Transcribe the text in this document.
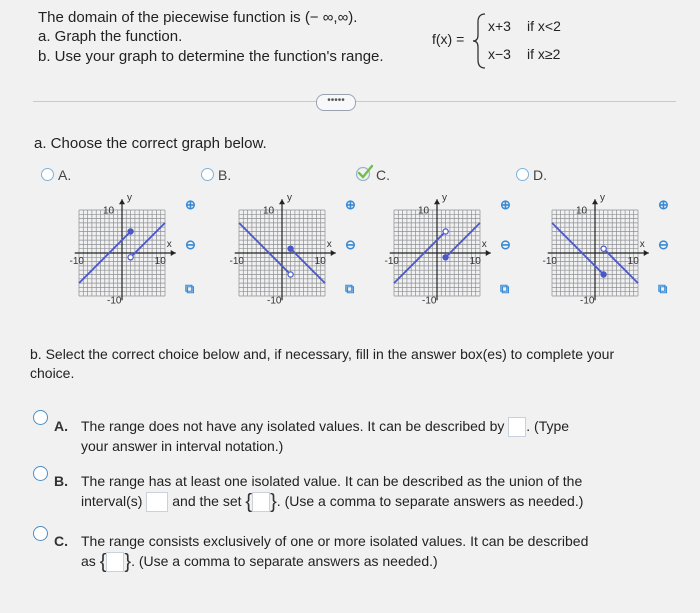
The domain of the piecewise function is (− ∞,∞).
a. Graph the function.
b. Use your graph to determine the function's range.
f(x) =
x+3 if x<2
x−3 if x≥2
•••••
a. Choose the correct graph below.
A.	B.	C.	D.
y
x
10
-10
-10	10
⊕
⊖
⧉
y
x
10
-10
-10	10
⊕
⊖
⧉
y
x
10
-10
-10	10
⊕
⊖
⧉
y
x
10
-10
-10	10
⊕
⊖
⧉
b. Select the correct choice below and, if necessary, fill in the answer box(es) to complete your choice.
A. The range does not have any isolated values. It can be described by . (Type
your answer in interval notation.)
B. The range has at least one isolated value. It can be described as the union of the
interval(s) and the set { }. (Use a comma to separate answers as needed.)
C. The range consists exclusively of one or more isolated values. It can be described
as { }. (Use a comma to separate answers as needed.)
